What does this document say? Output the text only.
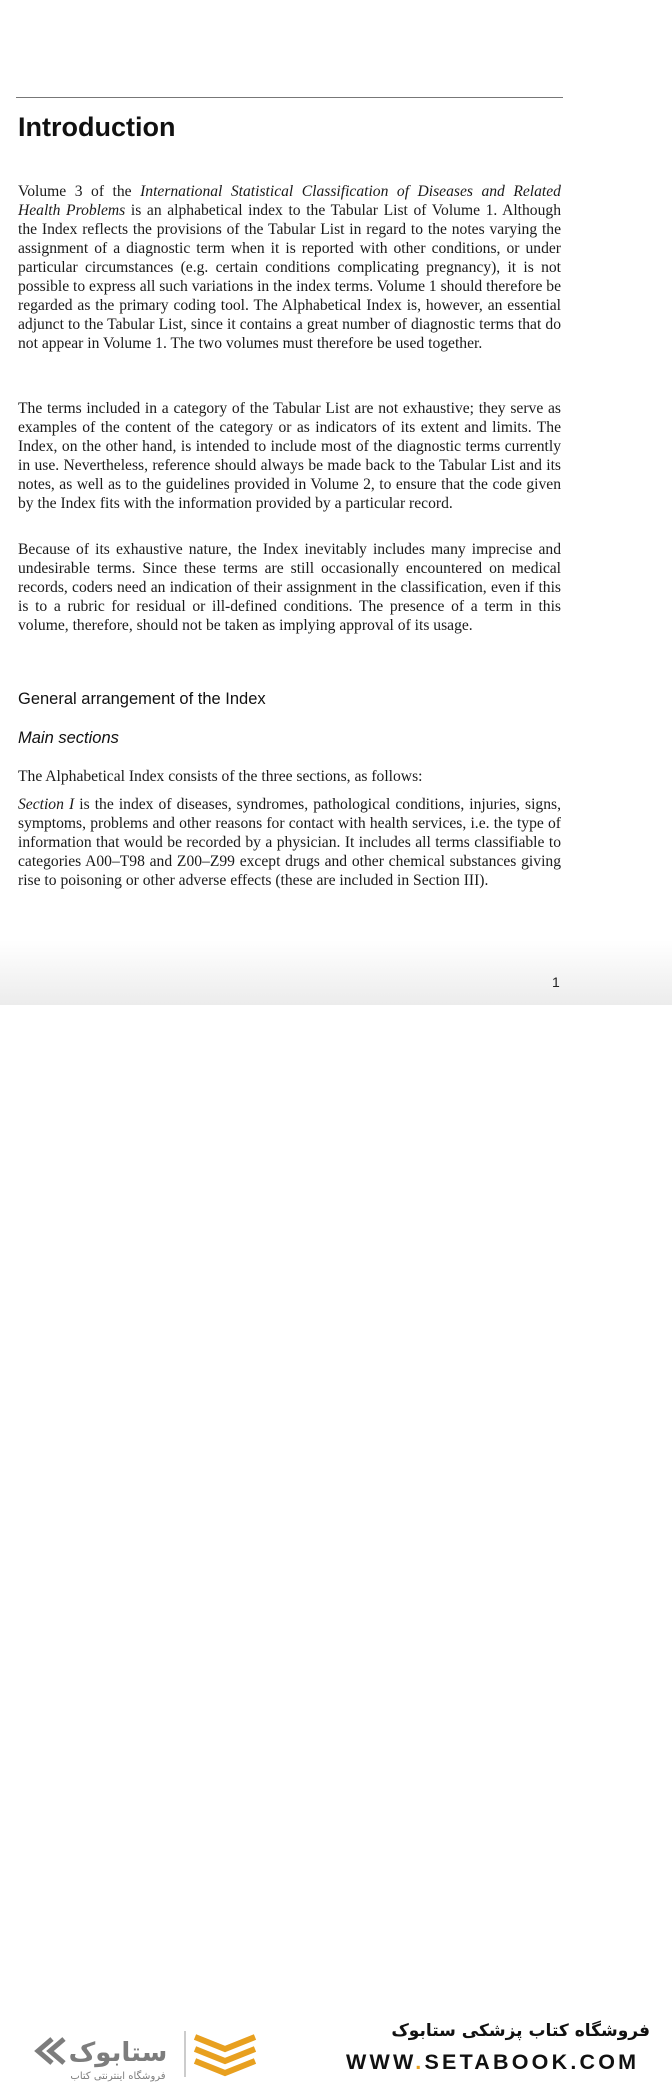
Introduction

Volume 3 of the International Statistical Classification of Diseases and Related Health Problems is an alphabetical index to the Tabular List of Volume 1. Although the Index reflects the provisions of the Tabular List in regard to the notes varying the assignment of a diagnostic term when it is reported with other conditions, or under particular circumstances (e.g. certain conditions complicating pregnancy), it is not possible to express all such variations in the index terms. Volume 1 should therefore be regarded as the primary coding tool. The Alphabetical Index is, however, an essential adjunct to the Tabular List, since it contains a great number of diagnostic terms that do not appear in Volume 1. The two volumes must therefore be used together.

The terms included in a category of the Tabular List are not exhaustive; they serve as examples of the content of the category or as indicators of its extent and limits. The Index, on the other hand, is intended to include most of the diagnostic terms currently in use. Nevertheless, reference should always be made back to the Tabular List and its notes, as well as to the guidelines provided in Volume 2, to ensure that the code given by the Index fits with the information provided by a particular record.

Because of its exhaustive nature, the Index inevitably includes many imprecise and undesirable terms. Since these terms are still occasionally encountered on medical records, coders need an indication of their assignment in the classification, even if this is to a rubric for residual or ill-defined conditions. The presence of a term in this volume, therefore, should not be taken as implying approval of its usage.

General arrangement of the Index
Main sections

The Alphabetical Index consists of the three sections, as follows:

Section I is the index of diseases, syndromes, pathological conditions, injuries, signs, symptoms, problems and other reasons for contact with health services, i.e. the type of information that would be recorded by a physician. It includes all terms classifiable to categories A00–T98 and Z00–Z99 except drugs and other chemical substances giving rise to poisoning or other adverse effects (these are included in Section III).

1
ستابوک
فروشگاه اینترنتی کتاب
فروشگاه کتاب پزشکی ستابوک
WWW.SETABOOK.COM
